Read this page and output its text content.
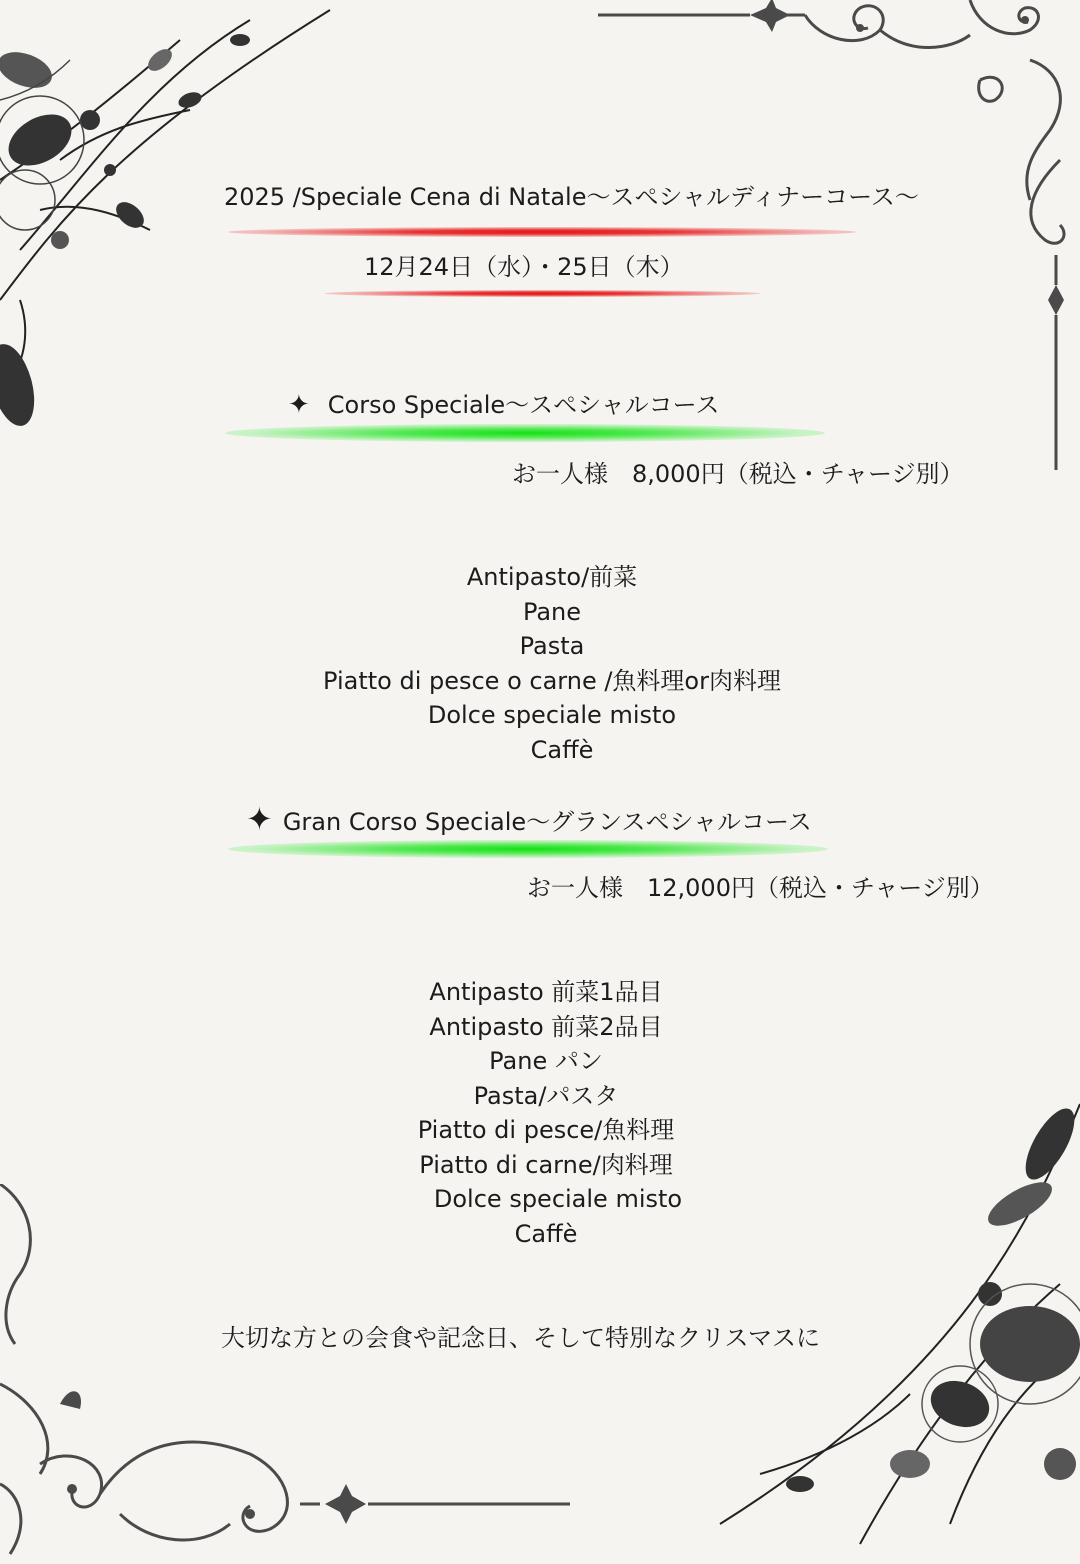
2025 /Speciale Cena di Natale〜スペシャルディナーコース〜
12月24日（水）・25日（木）
✦ Corso Speciale〜スペシャルコース
お一人様　8,000円（税込・チャージ別）
Antipasto/前菜
Pane
Pasta
Piatto di pesce o carne /魚料理or肉料理
Dolce speciale misto
Caffè
✦ Gran Corso Speciale〜グランスペシャルコース
お一人様　12,000円（税込・チャージ別）
Antipasto 前菜1品目
Antipasto 前菜2品目
Pane パン
Pasta/パスタ
Piatto di pesce/魚料理
Piatto di carne/肉料理
Dolce speciale misto
Caffè
大切な方との会食や記念日、そして特別なクリスマスに
